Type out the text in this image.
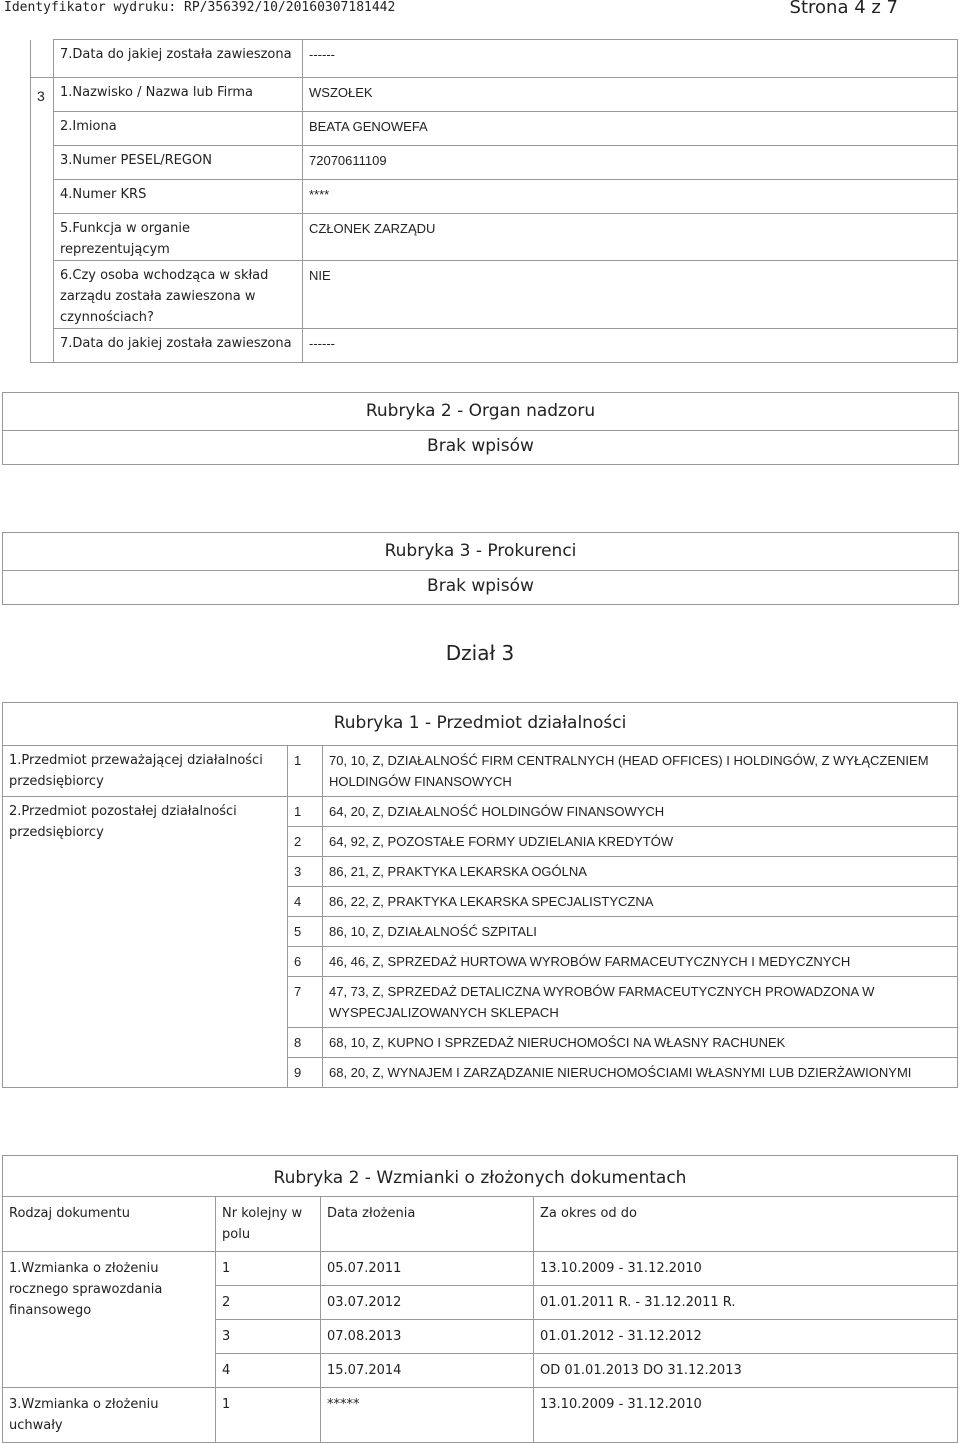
Identyfikator wydruku: RP/356392/10/20160307181442	Strona 4 z 7
	7.Data do jakiej została zawieszona	------
3	1.Nazwisko / Nazwa lub Firma	WSZOŁEK
	2.Imiona	BEATA GENOWEFA
	3.Numer PESEL/REGON	72070611109
	4.Numer KRS	****
	5.Funkcja w organie reprezentującym	CZŁONEK ZARZĄDU
	6.Czy osoba wchodząca w skład zarządu została zawieszona w czynnościach?	NIE
	7.Data do jakiej została zawieszona	------
Rubryka 2 - Organ nadzoru
Brak wpisów
Rubryka 3 - Prokurenci
Brak wpisów
Dział 3
Rubryka 1 - Przedmiot działalności		
1.Przedmiot przeważającej działalności przedsiębiorcy	1	70, 10, Z, DZIAŁALNOŚĆ FIRM CENTRALNYCH (HEAD OFFICES) I HOLDINGÓW, Z WYŁĄCZENIEM HOLDINGÓW FINANSOWYCH
2.Przedmiot pozostałej działalności przedsiębiorcy	1	64, 20, Z, DZIAŁALNOŚĆ HOLDINGÓW FINANSOWYCH
	2	64, 92, Z, POZOSTAŁE FORMY UDZIELANIA KREDYTÓW
	3	86, 21, Z, PRAKTYKA LEKARSKA OGÓLNA
	4	86, 22, Z, PRAKTYKA LEKARSKA SPECJALISTYCZNA
	5	86, 10, Z, DZIAŁALNOŚĆ SZPITALI
	6	46, 46, Z, SPRZEDAŻ HURTOWA WYROBÓW FARMACEUTYCZNYCH I MEDYCZNYCH
	7	47, 73, Z, SPRZEDAŻ DETALICZNA WYROBÓW FARMACEUTYCZNYCH PROWADZONA W WYSPECJALIZOWANYCH SKLEPACH
	8	68, 10, Z, KUPNO I SPRZEDAŻ NIERUCHOMOŚCI NA WŁASNY RACHUNEK
	9	68, 20, Z, WYNAJEM I ZARZĄDZANIE NIERUCHOMOŚCIAMI WŁASNYMI LUB DZIERŻAWIONYMI
Rubryka 2 - Wzmianki o złożonych dokumentach			
Rodzaj dokumentu	Nr kolejny w polu	Data złożenia	Za okres od do
1.Wzmianka o złożeniu rocznego sprawozdania finansowego	1	05.07.2011	13.10.2009 - 31.12.2010
	2	03.07.2012	01.01.2011 R. - 31.12.2011 R.
	3	07.08.2013	01.01.2012 - 31.12.2012
	4	15.07.2014	OD 01.01.2013 DO 31.12.2013
3.Wzmianka o złożeniu uchwały	1	*****	13.10.2009 - 31.12.2010
